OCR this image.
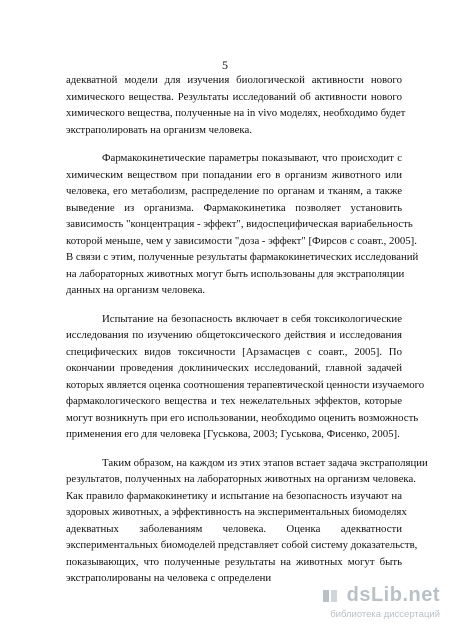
5
адекватной модели для изучения биологической активности нового
химического вещества. Результаты исследований об активности нового
химического вещества, полученные на in vivo моделях, необходимо будет
экстраполировать на организм человека.
Фармакокинетические параметры показывают, что происходит с
химическим веществом при попадании его в организм животного или
человека, его метаболизм, распределение по органам и тканям, а также
выведение из организма. Фармакокинетика позволяет установить
зависимость "концентрация - эффект", видоспецифическая вариабельность
которой меньше, чем у зависимости "доза - эффект" [Фирсов с соавт., 2005].
В связи с этим, полученные результаты фармакокинетических исследований
на лабораторных животных могут быть использованы для экстраполяции
данных на организм человека.
Испытание на безопасность включает в себя токсикологические
исследования по изучению общетоксического действия и исследования
специфических видов токсичности [Арзамасцев с соавт., 2005]. По
окончании проведения доклинических исследований, главной задачей
которых является оценка соотношения терапевтической ценности изучаемого
фармакологического вещества и тех нежелательных эффектов, которые
могут возникнуть при его использовании, необходимо оценить возможность
применения его для человека [Гуськова, 2003; Гуськова, Фисенко, 2005].
Таким образом, на каждом из этих этапов встает задача экстраполяции
результатов, полученных на лабораторных животных на организм человека.
Как правило фармакокинетику и испытание на безопасность изучают на
здоровых животных, а эффективность на экспериментальных биомоделях
адекватных заболеваниям человека. Оценка адекватности
экспериментальных биомоделей представляет собой систему доказательств,
показывающих, что полученные результаты на животных могут быть
экстраполированы на человека с определени
dsLib.net
библиотека диссертаций
